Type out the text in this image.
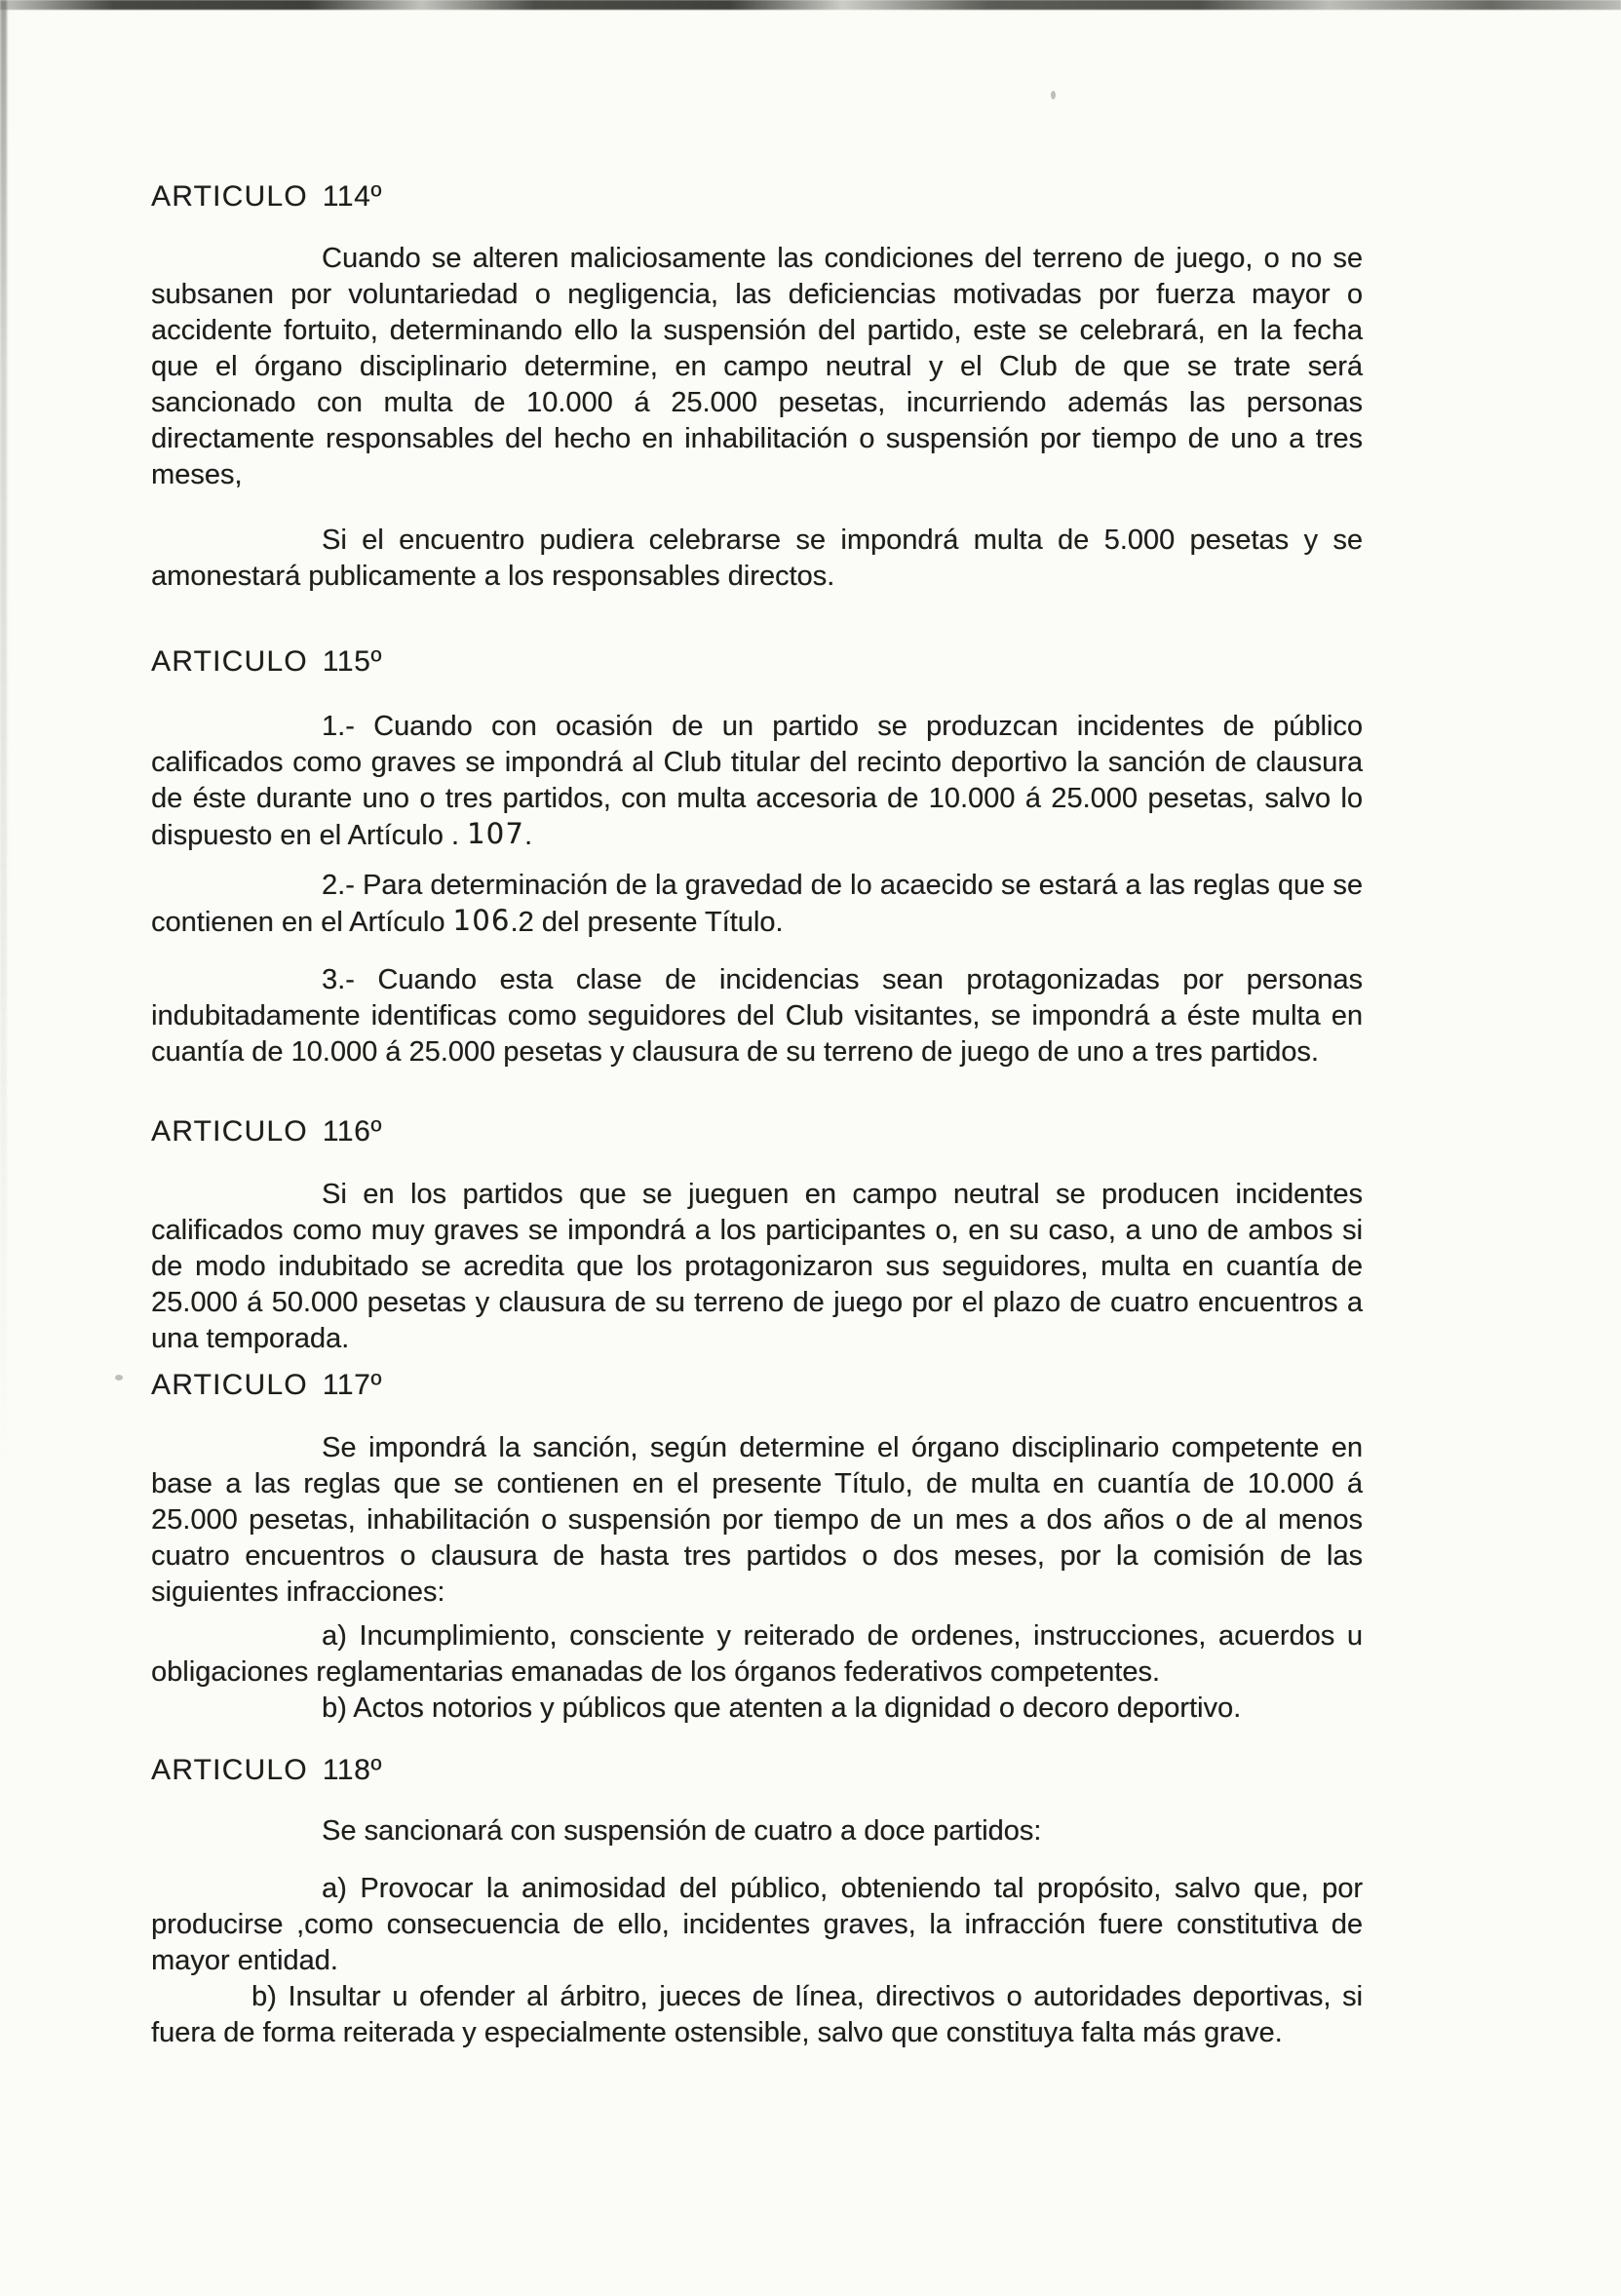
ARTICULO 114º

Cuando se alteren maliciosamente las condiciones del terreno de juego, o no se subsanen por voluntariedad o negligencia, las deficiencias motivadas por fuerza mayor o accidente fortuito, determinando ello la suspensión del partido, este se celebrará, en la fecha que el órgano disciplinario determine, en campo neutral y el Club de que se trate será sancionado con multa de 10.000 á 25.000 pesetas, incurriendo además las personas directamente responsables del hecho en inhabilitación o suspensión por tiempo de uno a tres meses,

Si el encuentro pudiera celebrarse se impondrá multa de 5.000 pesetas y se amonestará publicamente a los responsables directos.

ARTICULO 115º

1.- Cuando con ocasión de un partido se produzcan incidentes de público calificados como graves se impondrá al Club titular del recinto deportivo la sanción de clausura de éste durante uno o tres partidos, con multa accesoria de 10.000 á 25.000 pesetas, salvo lo dispuesto en el Artículo . 107.

2.- Para determinación de la gravedad de lo acaecido se estará a las reglas que se contienen en el Artículo 106.2 del presente Título.

3.- Cuando esta clase de incidencias sean protagonizadas por personas indubitadamente identificas como seguidores del Club visitantes, se impondrá a éste multa en cuantía de 10.000 á 25.000 pesetas y clausura de su terreno de juego de uno a tres partidos.

ARTICULO 116º

Si en los partidos que se jueguen en campo neutral se producen incidentes calificados como muy graves se impondrá a los participantes o, en su caso, a uno de ambos si de modo indubitado se acredita que los protagonizaron sus seguidores, multa en cuantía de 25.000 á 50.000 pesetas y clausura de su terreno de juego por el plazo de cuatro encuentros a una temporada.

ARTICULO 117º

Se impondrá la sanción, según determine el órgano disciplinario competente en base a las reglas que se contienen en el presente Título, de multa en cuantía de 10.000 á 25.000 pesetas, inhabilitación o suspensión por tiempo de un mes a dos años o de al menos cuatro encuentros o clausura de hasta tres partidos o dos meses, por la comisión de las siguientes infracciones:

a) Incumplimiento, consciente y reiterado de ordenes, instrucciones, acuerdos u obligaciones reglamentarias emanadas de los órganos federativos competentes.

b) Actos notorios y públicos que atenten a la dignidad o decoro deportivo.

ARTICULO 118º

Se sancionará con suspensión de cuatro a doce partidos:

a) Provocar la animosidad del público, obteniendo tal propósito, salvo que, por producirse ,como consecuencia de ello, incidentes graves, la infracción fuere constitutiva de mayor entidad.

b) Insultar u ofender al árbitro, jueces de línea, directivos o autoridades deportivas, si fuera de forma reiterada y especialmente ostensible, salvo que constituya falta más grave.
